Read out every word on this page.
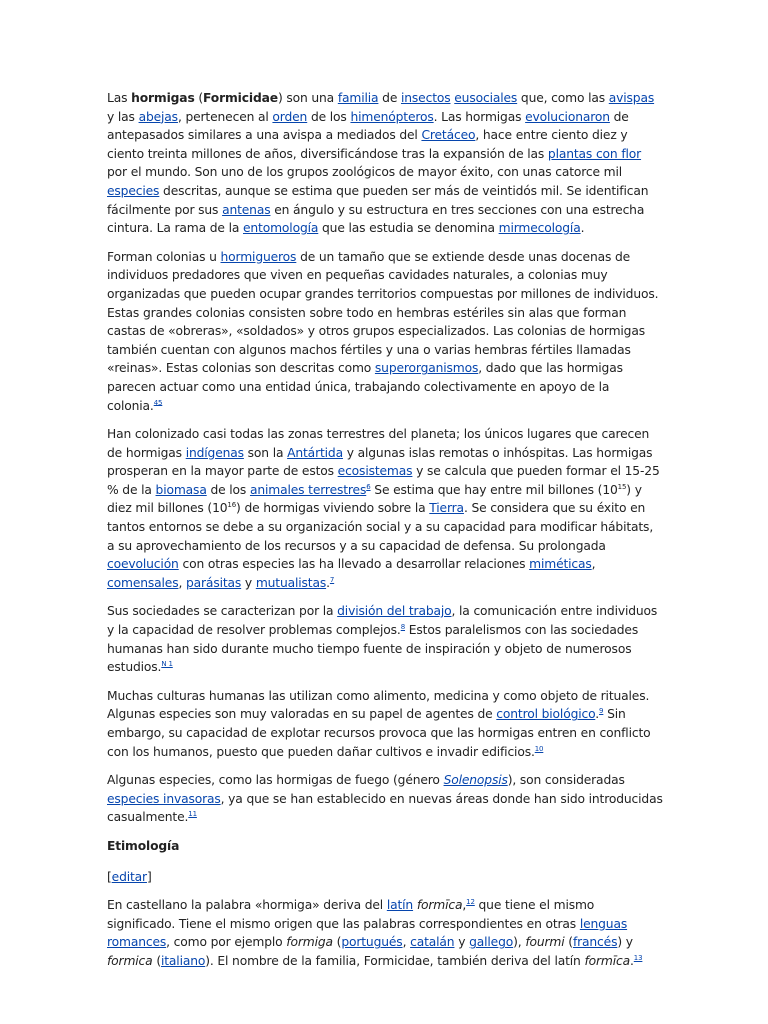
Las hormigas (Formicidae) son una familia de insectos eusociales que, como las avispas y las abejas, pertenecen al orden de los himenópteros. Las hormigas evolucionaron de antepasados similares a una avispa a mediados del Cretáceo, hace entre ciento diez y ciento treinta millones de años, diversificándose tras la expansión de las plantas con flor por el mundo. Son uno de los grupos zoológicos de mayor éxito, con unas catorce mil especies descritas, aunque se estima que pueden ser más de veintidós mil. Se identifican fácilmente por sus antenas en ángulo y su estructura en tres secciones con una estrecha cintura. La rama de la entomología que las estudia se denomina mirmecología.

Forman colonias u hormigueros de un tamaño que se extiende desde unas docenas de individuos predadores que viven en pequeñas cavidades naturales, a colonias muy organizadas que pueden ocupar grandes territorios compuestas por millones de individuos. Estas grandes colonias consisten sobre todo en hembras estériles sin alas que forman castas de «obreras», «soldados» y otros grupos especializados. Las colonias de hormigas también cuentan con algunos machos fértiles y una o varias hembras fértiles llamadas «reinas». Estas colonias son descritas como superorganismos, dado que las hormigas parecen actuar como una entidad única, trabajando colectivamente en apoyo de la colonia.$^{45}$

Han colonizado casi todas las zonas terrestres del planeta; los únicos lugares que carecen de hormigas indígenas son la Antártida y algunas islas remotas o inhóspitas. Las hormigas prosperan en la mayor parte de estos ecosistemas y se calcula que pueden formar el 15-25 % de la biomasa de los animales terrestres$^6$ Se estima que hay entre mil billones $(10^{15})$ y diez mil billones $(10^{16})$ de hormigas viviendo sobre la Tierra. Se considera que su éxito en tantos entornos se debe a su organización social y a su capacidad para modificar hábitats, a su aprovechamiento de los recursos y a su capacidad de defensa. Su prolongada coevolución con otras especies las ha llevado a desarrollar relaciones miméticas, comensales, parásitas y mutualistas.$^7$

Sus sociedades se caracterizan por la división del trabajo, la comunicación entre individuos y la capacidad de resolver problemas complejos.$^8$ Estos paralelismos con las sociedades humanas han sido durante mucho tiempo fuente de inspiración y objeto de numerosos estudios.$^{N 1}$

Muchas culturas humanas las utilizan como alimento, medicina y como objeto de rituales. Algunas especies son muy valoradas en su papel de agentes de control biológico.$^9$ Sin embargo, su capacidad de explotar recursos provoca que las hormigas entren en conflicto con los humanos, puesto que pueden dañar cultivos e invadir edificios.$^{10}$

Algunas especies, como las hormigas de fuego (género Solenopsis), son consideradas especies invasoras, ya que se han establecido en nuevas áreas donde han sido introducidas casualmente.$^{11}$

Etimología

[editar]

En castellano la palabra «hormiga» deriva del latín formīca,$^{12}$ que tiene el mismo significado. Tiene el mismo origen que las palabras correspondientes en otras lenguas romances, como por ejemplo formiga (portugués, catalán y gallego), fourmi (francés) y formica (italiano). El nombre de la familia, Formicidae, también deriva del latín formīca.$^{13}$
